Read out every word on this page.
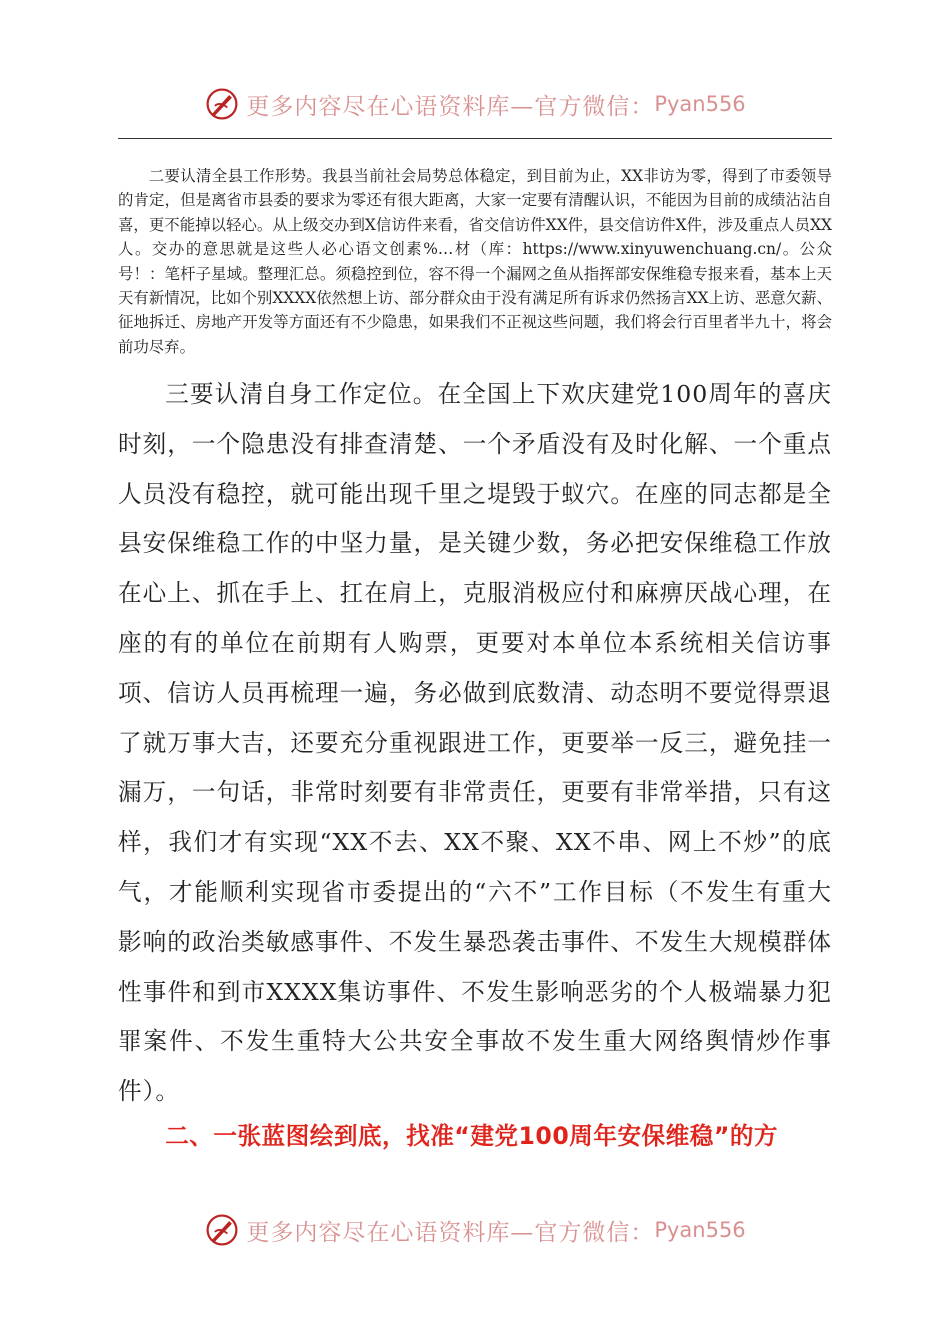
更多内容尽在心语资料库—官方微信： Pyan556

二要认清全县工作形势。我县当前社会局势总体稳定，到目前为止，XX非访为零，得到了市委领导的肯定，但是离省市县委的要求为零还有很大距离，大家一定要有清醒认识，不能因为目前的成绩沾沾自喜，更不能掉以轻心。从上级交办到X信访件来看，省交信访件XX件，县交信访件X件，涉及重点人员XX人。交办的意思就是这些人必心语文创素%…材（库：https://www.xinyuwenchuang.cn/。公众号！：笔杆子星域。整理汇总。须稳控到位，容不得一个漏网之鱼从指挥部安保维稳专报来看，基本上天天有新情况，比如个别XXXX依然想上访、部分群众由于没有满足所有诉求仍然扬言XX上访、恶意欠薪、征地拆迁、房地产开发等方面还有不少隐患，如果我们不正视这些问题，我们将会行百里者半九十，将会前功尽弃。

三要认清自身工作定位。在全国上下欢庆建党100周年的喜庆时刻，一个隐患没有排查清楚、一个矛盾没有及时化解、一个重点人员没有稳控，就可能出现千里之堤毁于蚁穴。在座的同志都是全县安保维稳工作的中坚力量，是关键少数，务必把安保维稳工作放在心上、抓在手上、扛在肩上，克服消极应付和麻痹厌战心理，在座的有的单位在前期有人购票，更要对本单位本系统相关信访事项、信访人员再梳理一遍，务必做到底数清、动态明不要觉得票退了就万事大吉，还要充分重视跟进工作，更要举一反三，避免挂一漏万，一句话，非常时刻要有非常责任，更要有非常举措，只有这样，我们才有实现“XX不去、XX不聚、XX不串、网上不炒”的底气，才能顺利实现省市委提出的“六不”工作目标（不发生有重大影响的政治类敏感事件、不发生暴恐袭击事件、不发生大规模群体性事件和到市XXXX集访事件、不发生影响恶劣的个人极端暴力犯罪案件、不发生重特大公共安全事故不发生重大网络舆情炒作事件）。

二、一张蓝图绘到底，找准“建党100周年安保维稳”的方
更多内容尽在心语资料库—官方微信： Pyan556
